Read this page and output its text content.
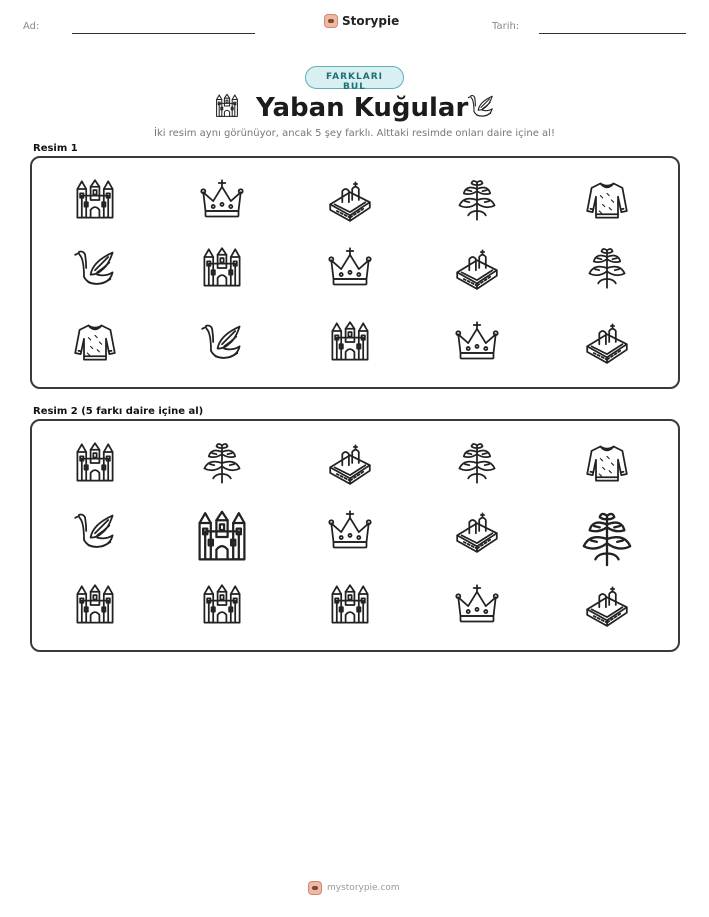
Ad:	Storypie	Tarih:
FARKLARI BUL
Yaban Kuğular
İki resim aynı görünüyor, ancak 5 şey farklı. Alttaki resimde onları daire içine al!
Resim 1
Resim 2 (5 farkı daire içine al)
mystorypie.com
